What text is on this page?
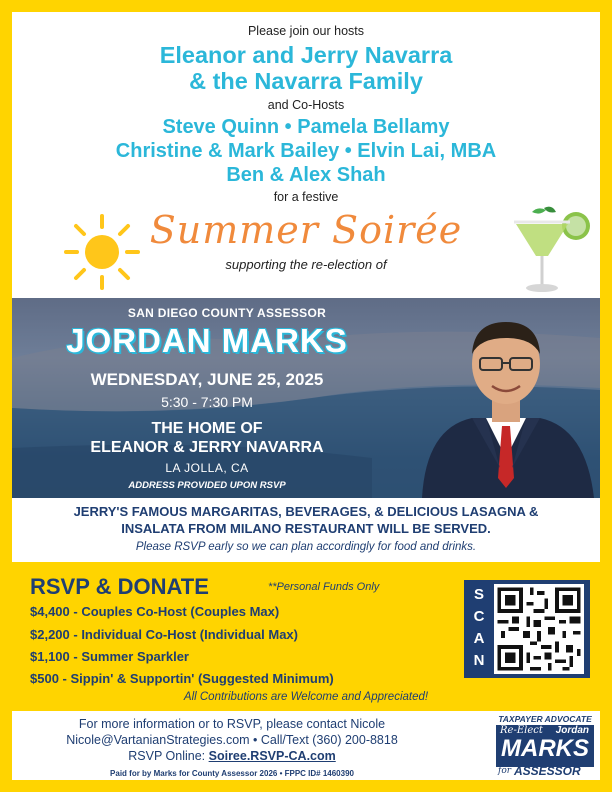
Please join our hosts
Eleanor and Jerry Navarra
& the Navarra Family
and Co-Hosts
Steve Quinn • Pamela Bellamy
Christine & Mark Bailey • Elvin Lai, MBA
Ben & Alex Shah
for a festive
Summer Soirée
supporting the re-election of
SAN DIEGO COUNTY ASSESSOR
JORDAN MARKS
WEDNESDAY, JUNE 25, 2025
5:30 - 7:30 PM
THE HOME OF
ELEANOR & JERRY NAVARRA
LA JOLLA, CA
ADDRESS PROVIDED UPON RSVP
JERRY'S FAMOUS MARGARITAS, BEVERAGES, & DELICIOUS LASAGNA &
INSALATA FROM MILANO RESTAURANT WILL BE SERVED.
Please RSVP early so we can plan accordingly for food and drinks.
RSVP & DONATE	**Personal Funds Only
$4,400 - Couples Co-Host (Couples Max)
$2,200 - Individual Co-Host (Individual Max)
$1,100 - Summer Sparkler
$500 - Sippin' & Supportin' (Suggested Minimum)
All Contributions are Welcome and Appreciated!
S
C
A
N
For more information or to RSVP, please contact Nicole
Nicole@VartanianStrategies.com • Call/Text (360) 200-8818
RSVP Online: Soiree.RSVP-CA.com
Paid for by Marks for County Assessor 2026 • FPPC ID# 1460390
TAXPAYER ADVOCATE
Re-Elect Jordan
MARKS
for ASSESSOR
